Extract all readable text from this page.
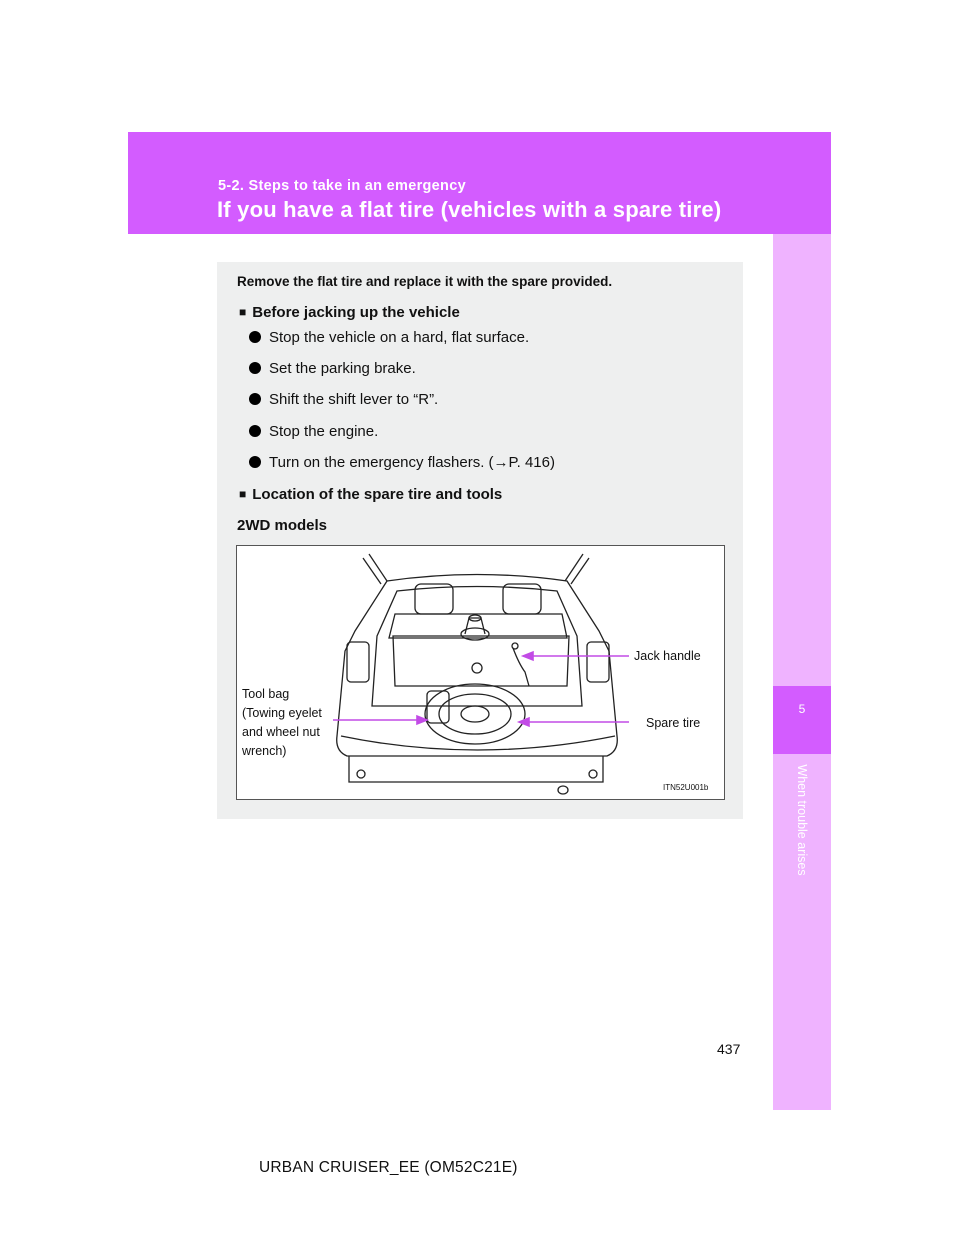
5-2. Steps to take in an emergency
If you have a flat tire (vehicles with a spare tire)
5
When trouble arises
Remove the flat tire and replace it with the spare provided.
■ Before jacking up the vehicle
Stop the vehicle on a hard, flat surface.
Set the parking brake.
Shift the shift lever to “R”.
Stop the engine.
Turn on the emergency flashers. (→P. 416)
■ Location of the spare tire and tools
2WD models
Jack handle
Spare tire
Tool bag
(Towing eyelet
and wheel nut
wrench)
ITN52U001b
437
URBAN CRUISER_EE (OM52C21E)
